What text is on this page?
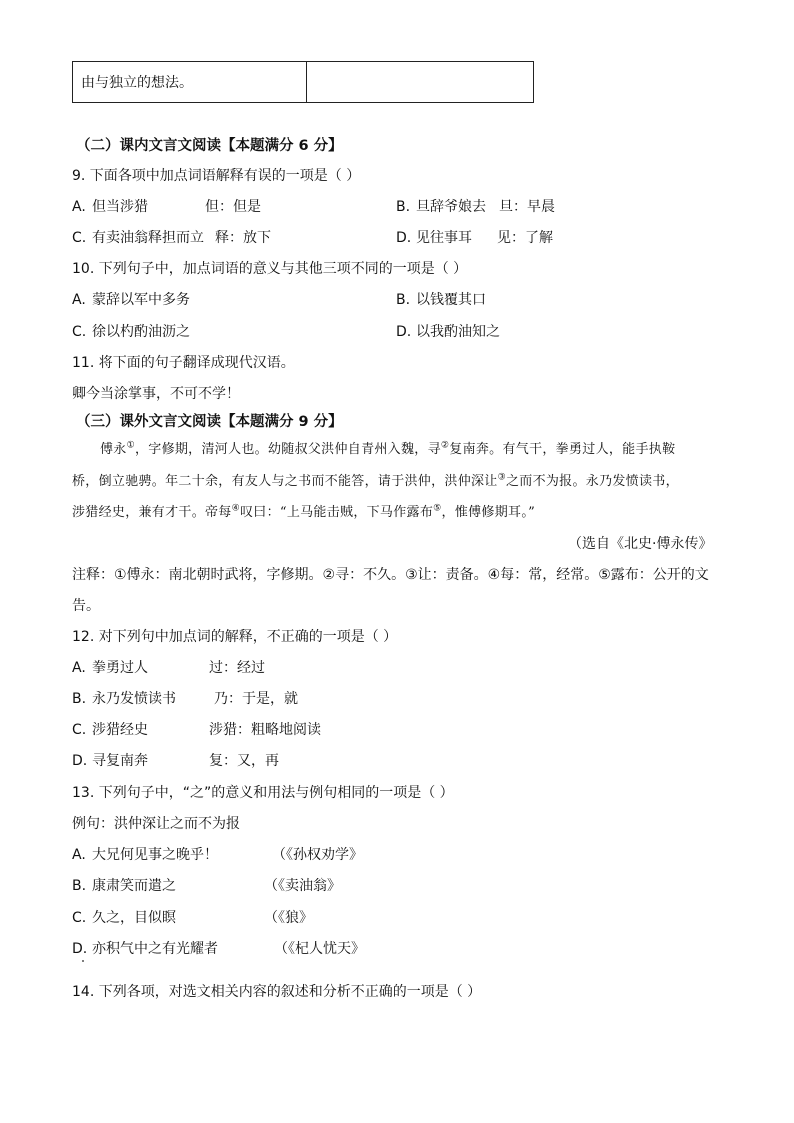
由与独立的想法。	
（二）课内文言文阅读【本题满分 6 分】
9. 下面各项中加点词语解释有误的一项是（ ）
A. 但当涉猎	但：但是	B. 旦辞爷娘去 旦：早晨
C. 有卖油翁释担而立 释：放下	D. 见往事耳 见：了解
10. 下列句子中，加点词语的意义与其他三项不同的一项是（ ）
A. 蒙辞以军中多务	B. 以钱覆其口
C. 徐以杓酌油沥之	D. 以我酌油知之
11. 将下面的句子翻译成现代汉语。
卿今当涂掌事，不可不学！
（三）课外文言文阅读【本题满分 9 分】
傅永①，字修期，清河人也。幼随叔父洪仲自青州入魏，寻②复南奔。有气干，拳勇过人，能手执鞍
桥，倒立驰骋。年二十余，有友人与之书而不能答，请于洪仲，洪仲深让③之而不为报。永乃发愤读书，
涉猎经史，兼有才干。帝每④叹曰：“上马能击贼，下马作露布⑤，惟傅修期耳。”
（选自《北史·傅永传》
注释：①傅永：南北朝时武将，字修期。②寻：不久。③让：责备。④每：常，经常。⑤露布：公开的文
告。
12. 对下列句中加点词的解释，不正确的一项是（ ）
A. 拳勇过人	过：经过
B. 永乃发愤读书	乃：于是，就
C. 涉猎经史	涉猎：粗略地阅读
D. 寻复南奔	复：又，再
13. 下列句子中，“之”的意义和用法与例句相同的一项是（ ）
例句：洪仲深让之而不为报
A. 大兄何见事之晚乎！	（《孙权劝学》
B. 康肃笑而遣之	（《卖油翁》
C. 久之，目似瞑	（《狼》
D. 亦积气中之有光耀者	（《杞人忧天》
14. 下列各项，对选文相关内容的叙述和分析不正确的一项是（ ）
